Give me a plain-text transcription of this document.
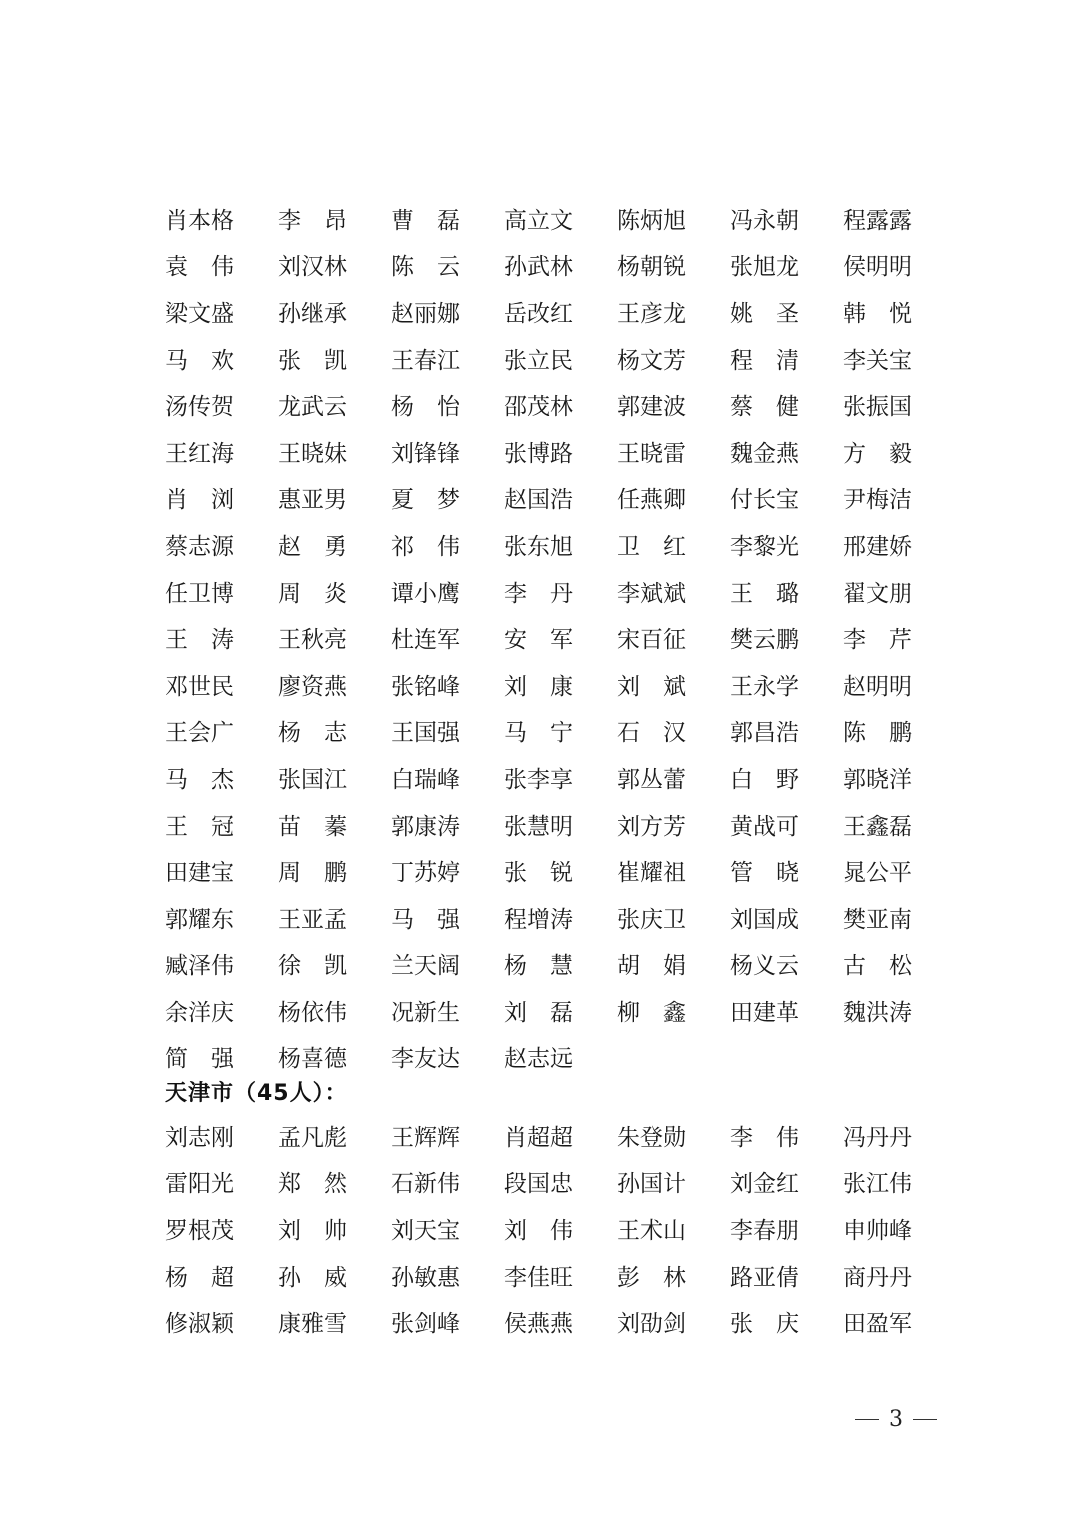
肖本格	李　昂	曹　磊	高立文	陈炳旭	冯永朝	程露露
袁　伟	刘汉林	陈　云	孙武林	杨朝锐	张旭龙	侯明明
梁文盛	孙继承	赵丽娜	岳改红	王彦龙	姚　圣	韩　悦
马　欢	张　凯	王春江	张立民	杨文芳	程　清	李关宝
汤传贺	龙武云	杨　怡	邵茂林	郭建波	蔡　健	张振国
王红海	王晓妹	刘锋锋	张博路	王晓雷	魏金燕	方　毅
肖　浏	惠亚男	夏　梦	赵国浩	任燕卿	付长宝	尹梅洁
蔡志源	赵　勇	祁　伟	张东旭	卫　红	李黎光	邢建娇
任卫博	周　炎	谭小鹰	李　丹	李斌斌	王　璐	翟文朋
王　涛	王秋亮	杜连军	安　军	宋百征	樊云鹏	李　芹
邓世民	廖资燕	张铭峰	刘　康	刘　斌	王永学	赵明明
王会广	杨　志	王国强	马　宁	石　汉	郭昌浩	陈　鹏
马　杰	张国江	白瑞峰	张李享	郭丛蕾	白　野	郭晓洋
王　冠	苗　蓁	郭康涛	张慧明	刘方芳	黄战可	王鑫磊
田建宝	周　鹏	丁苏婷	张　锐	崔耀祖	管　晓	晁公平
郭耀东	王亚孟	马　强	程增涛	张庆卫	刘国成	樊亚南
臧泽伟	徐　凯	兰天阔	杨　慧	胡　娟	杨义云	古　松
余洋庆	杨依伟	况新生	刘　磊	柳　鑫	田建革	魏洪涛
简　强	杨喜德	李友达	赵志远
天津市（45人）：
刘志刚	孟凡彪	王辉辉	肖超超	朱登勋	李　伟	冯丹丹
雷阳光	郑　然	石新伟	段国忠	孙国计	刘金红	张江伟
罗根茂	刘　帅	刘天宝	刘　伟	王术山	李春朋	申帅峰
杨　超	孙　威	孙敏惠	李佳旺	彭　林	路亚倩	商丹丹
修淑颖	康雅雪	张剑峰	侯燕燕	刘劭剑	张　庆	田盈军
3
